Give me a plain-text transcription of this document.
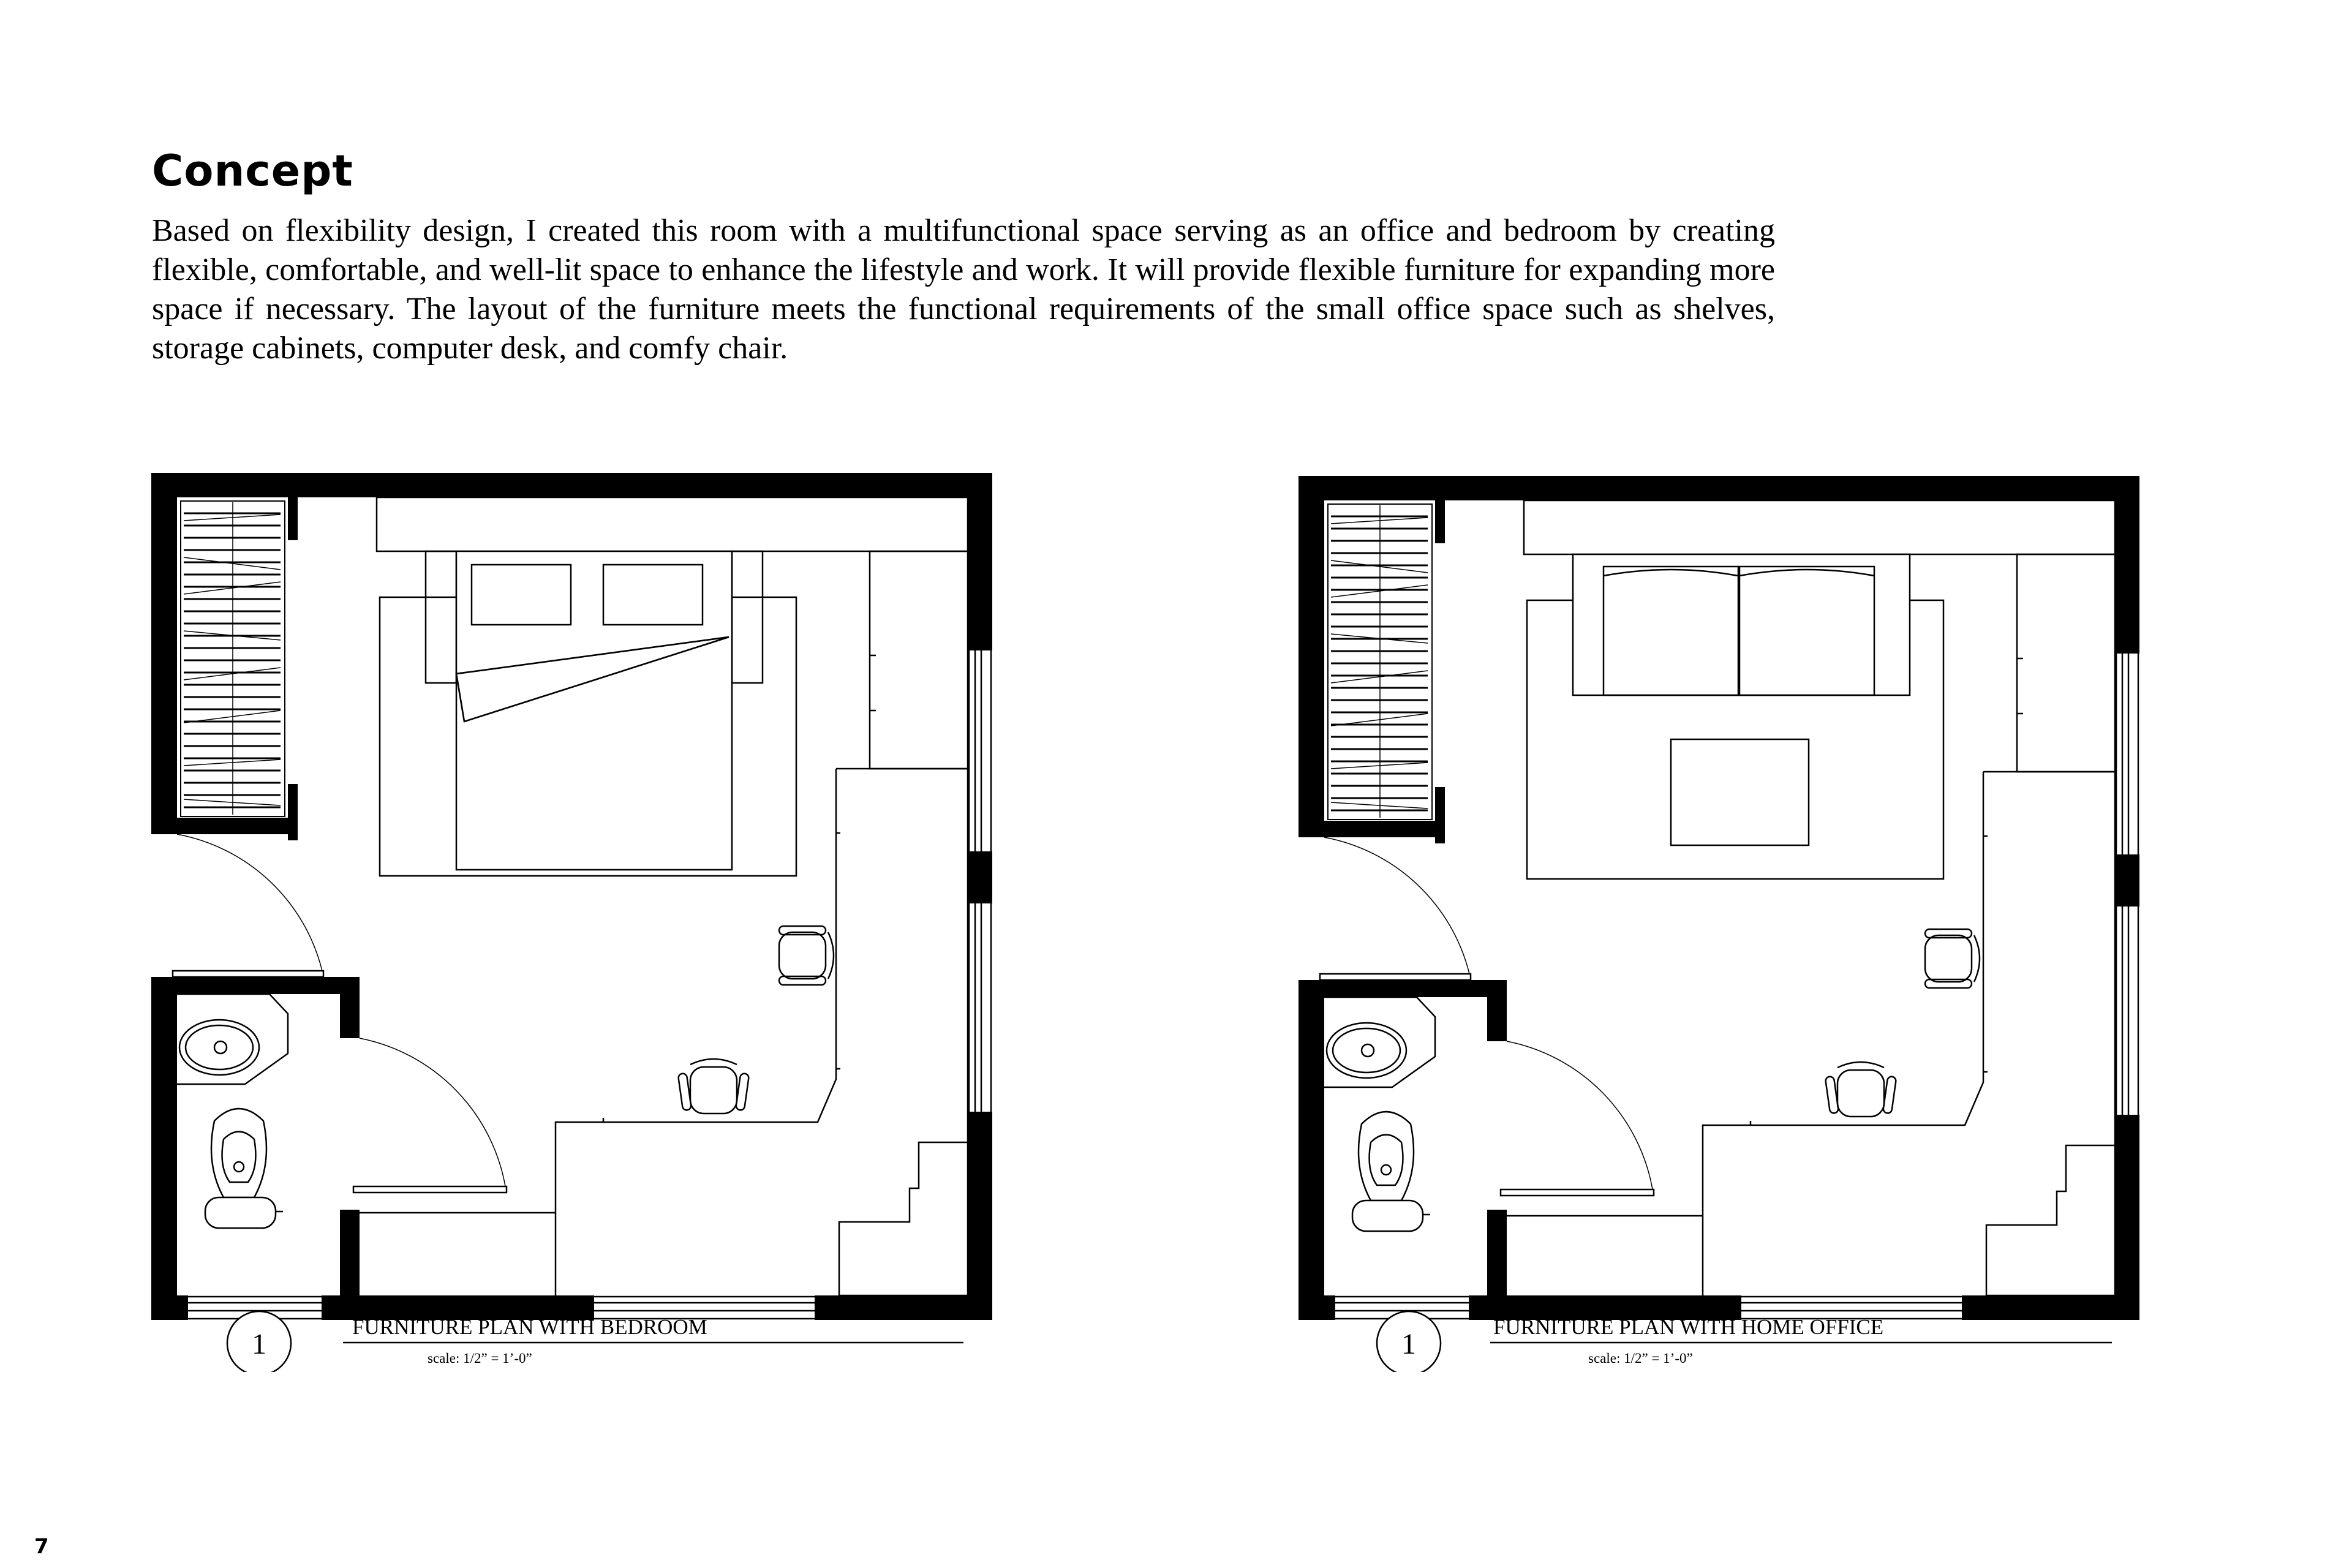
Concept

Based on flexibility design, I created this room with a multifunctional space serving as an office and bedroom by creating flexible, comfortable, and well-lit space to enhance the lifestyle and work. It will provide flexible furniture for expanding more space if necessary. The layout of the furniture meets the functional requirements of the small office space such as shelves, storage cabinets, computer desk, and comfy chair.

1
FURNITURE PLAN WITH BEDROOM
scale: 1/2” = 1’-0”	1
FURNITURE PLAN WITH HOME OFFICE
scale: 1/2” = 1’-0”
7
